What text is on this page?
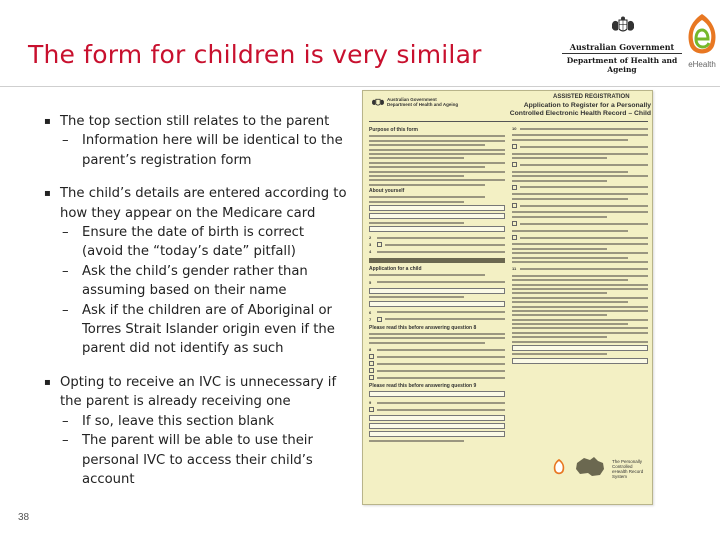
The form for children is very similar	Australian Government
Department of Health and Ageing
eHealth
▪ The top section still relates to the parent
– Information here will be identical to the parent’s registration form
▪ The child’s details are entered according to how they appear on the Medicare card
– Ensure the date of birth is correct (avoid the “today’s date” pitfall)
– Ask the child’s gender rather than assuming based on their name
– Ask if the children are of Aboriginal or Torres Strait Islander origin even if the parent did not identify as such
▪ Opting to receive an IVC is unnecessary if the parent is already receiving one
– If so, leave this section blank
– The parent will be able to use their personal IVC to access their child’s account
38
Australian Government
Department of Health and Ageing
ASSISTED REGISTRATION
Application to Register for a Personally Controlled Electronic Health Record – Child
Purpose of this form
About yourself
2
3
4
Application for a child
5
6
7
Please read this before answering question 8
8
Please read this before answering question 9
9
10
11
The Personally Controlled eHealth Record System
